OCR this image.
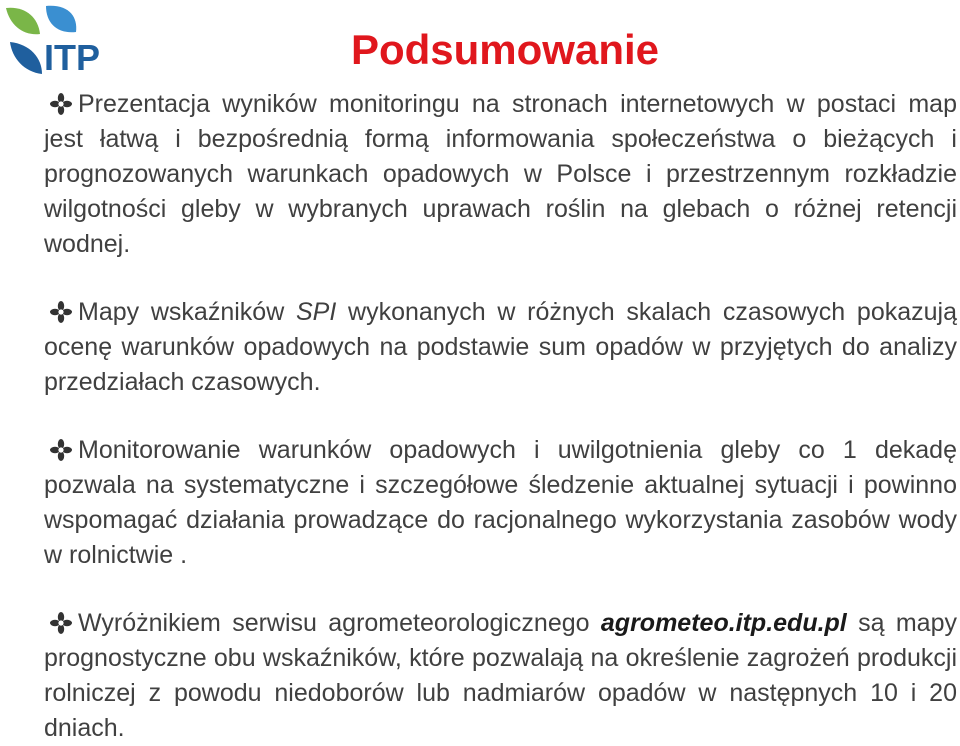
ITP	Podsumowanie

Prezentacja wyników monitoringu na stronach internetowych w postaci map jest łatwą i bezpośrednią formą informowania społeczeństwa o bieżących i prognozowanych warunkach opadowych w Polsce i przestrzennym rozkładzie wilgotności gleby w wybranych uprawach roślin na glebach o różnej retencji wodnej.

Mapy wskaźników SPI wykonanych w różnych skalach czasowych pokazują ocenę warunków opadowych na podstawie sum opadów w przyjętych do analizy przedziałach czasowych.

Monitorowanie warunków opadowych i uwilgotnienia gleby co 1 dekadę pozwala na systematyczne i szczegółowe śledzenie aktualnej sytuacji i powinno wspomagać działania prowadzące do racjonalnego wykorzystania zasobów wody w rolnictwie .

Wyróżnikiem serwisu agrometeorologicznego agrometeo.itp.edu.pl są mapy prognostyczne obu wskaźników, które pozwalają na określenie zagrożeń produkcji rolniczej z powodu niedoborów lub nadmiarów opadów w następnych 10 i 20 dniach.
